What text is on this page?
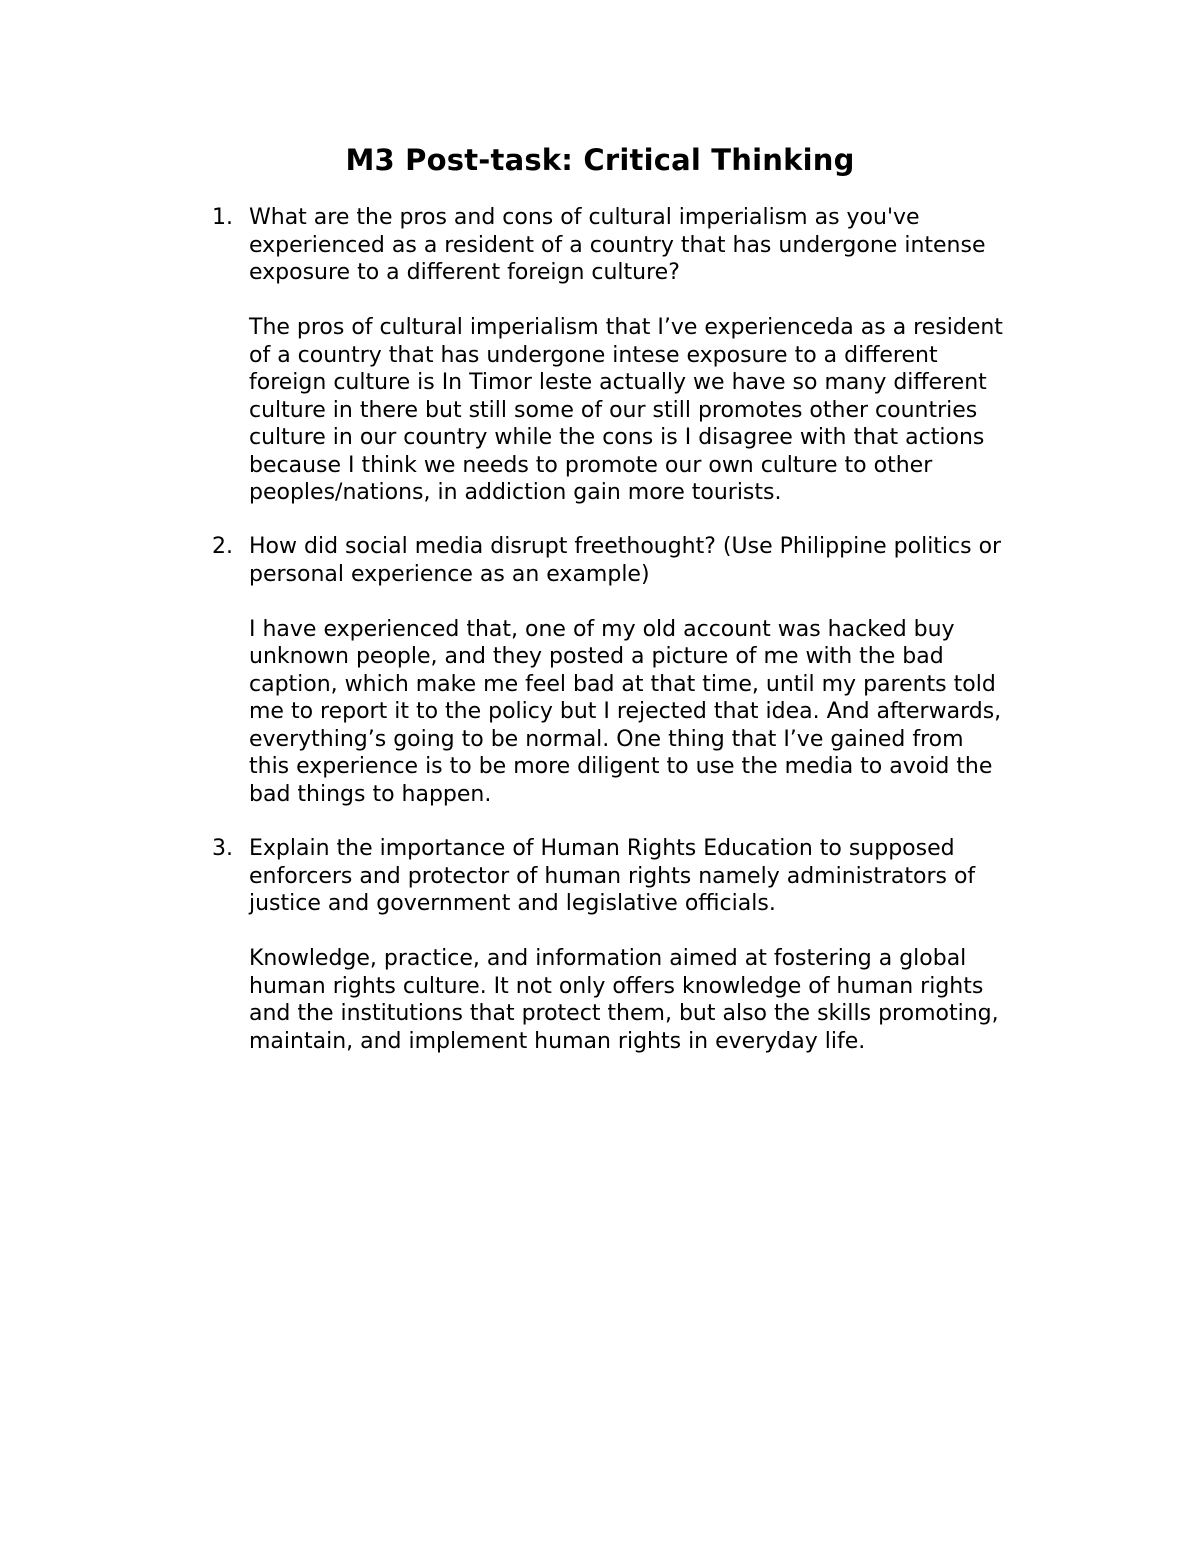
M3 Post-task: Critical Thinking
1. What are the pros and cons of cultural imperialism as you've
experienced as a resident of a country that has undergone intense
exposure to a different foreign culture?
The pros of cultural imperialism that I’ve experienceda as a resident
of a country that has undergone intese exposure to a different
foreign culture is In Timor leste actually we have so many different
culture in there but still some of our still promotes other countries
culture in our country while the cons is I disagree with that actions
because I think we needs to promote our own culture to other
peoples/nations, in addiction gain more tourists.
2. How did social media disrupt freethought? (Use Philippine politics or
personal experience as an example)
I have experienced that, one of my old account was hacked buy
unknown people, and they posted a picture of me with the bad
caption, which make me feel bad at that time, until my parents told
me to report it to the policy but I rejected that idea. And afterwards,
everything’s going to be normal. One thing that I’ve gained from
this experience is to be more diligent to use the media to avoid the
bad things to happen.
3. Explain the importance of Human Rights Education to supposed
enforcers and protector of human rights namely administrators of
justice and government and legislative officials.
Knowledge, practice, and information aimed at fostering a global
human rights culture. It not only offers knowledge of human rights
and the institutions that protect them, but also the skills promoting,
maintain, and implement human rights in everyday life.
